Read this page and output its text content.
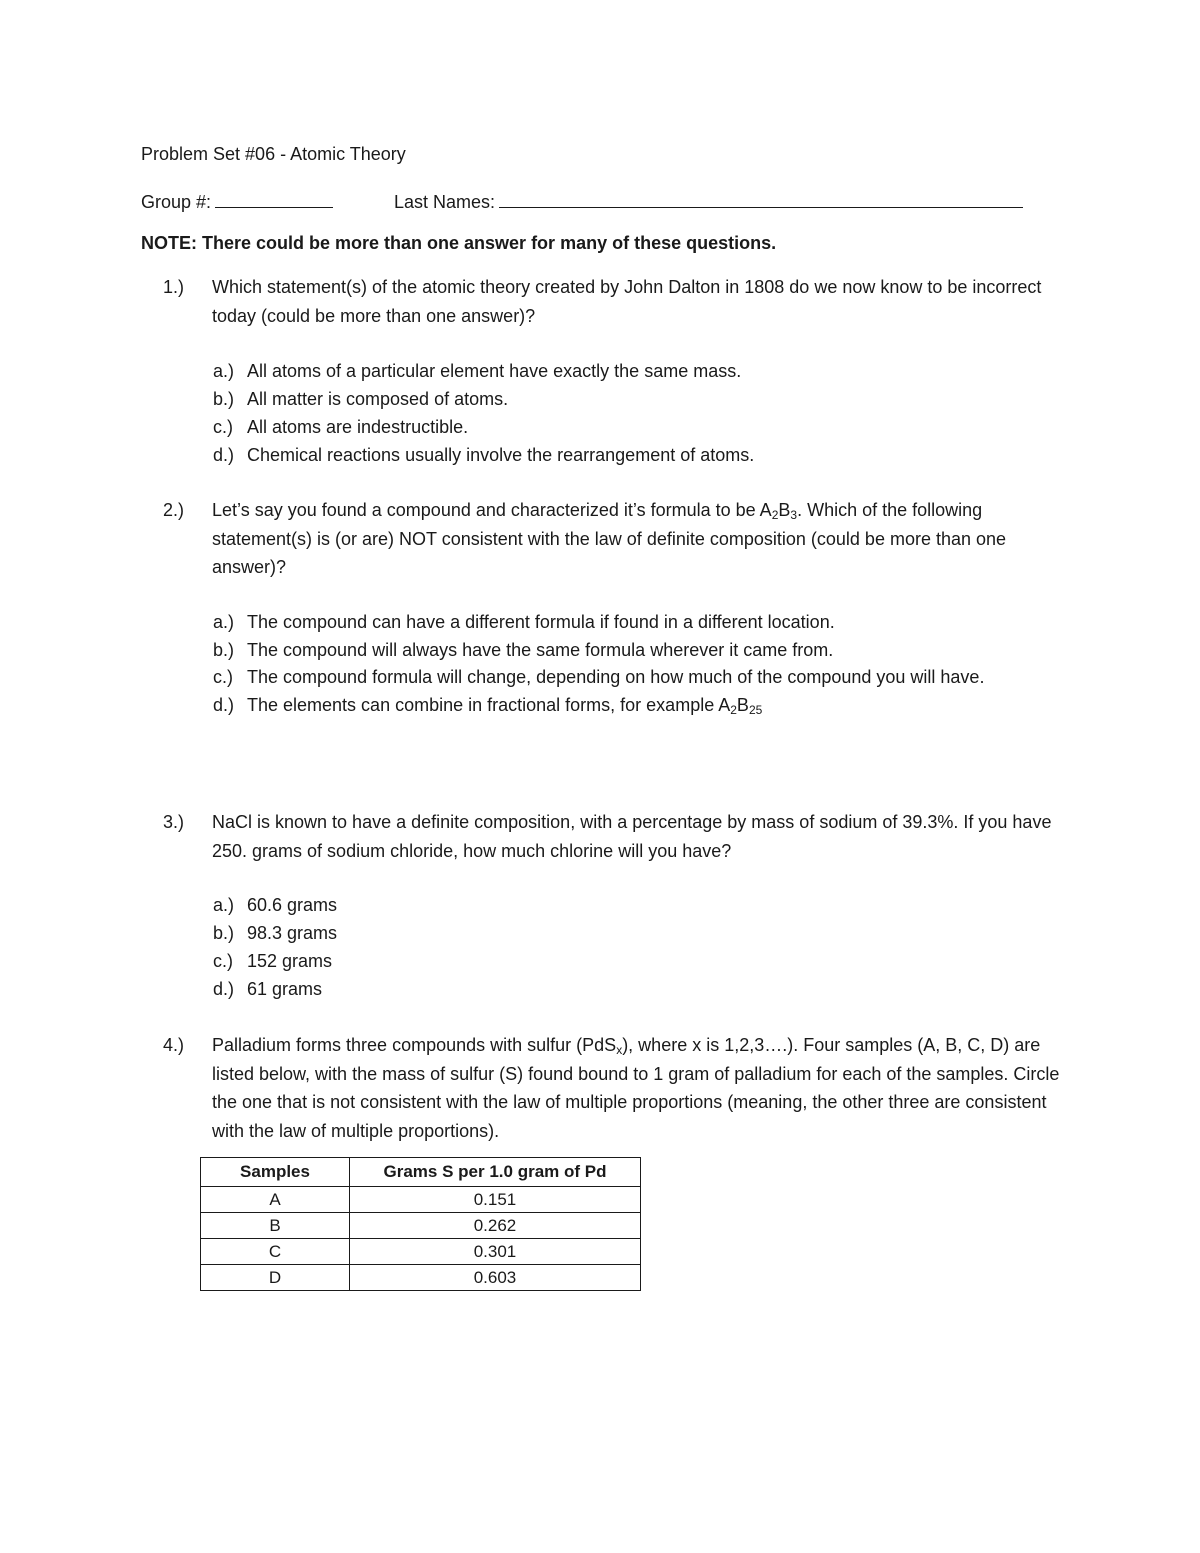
Problem Set #06 - Atomic Theory
Group #:	Last Names:
NOTE: There could be more than one answer for many of these questions.
1.) Which statement(s) of the atomic theory created by John Dalton in 1808 do we now know to be incorrect today (could be more than one answer)?
a.) All atoms of a particular element have exactly the same mass.
b.) All matter is composed of atoms.
c.) All atoms are indestructible.
d.) Chemical reactions usually involve the rearrangement of atoms.
2.) Let’s say you found a compound and characterized it’s formula to be $A_2B_3$. Which of the following statement(s) is (or are) NOT consistent with the law of definite composition (could be more than one answer)?
a.) The compound can have a different formula if found in a different location.
b.) The compound will always have the same formula wherever it came from.
c.) The compound formula will change, depending on how much of the compound you will have.
d.) The elements can combine in fractional forms, for example $A_2B_{25}$
3.) NaCl is known to have a definite composition, with a percentage by mass of sodium of 39.3%. If you have 250. grams of sodium chloride, how much chlorine will you have?
a.) 60.6 grams
b.) 98.3 grams
c.) 152 grams
d.) 61 grams
4.) Palladium forms three compounds with sulfur (PdS$_x$), where x is 1,2,3….). Four samples (A, B, C, D) are listed below, with the mass of sulfur (S) found bound to 1 gram of palladium for each of the samples. Circle the one that is not consistent with the law of multiple proportions (meaning, the other three are consistent with the law of multiple proportions).
Samples	Grams S per 1.0 gram of Pd
A	0.151
B	0.262
C	0.301
D	0.603
